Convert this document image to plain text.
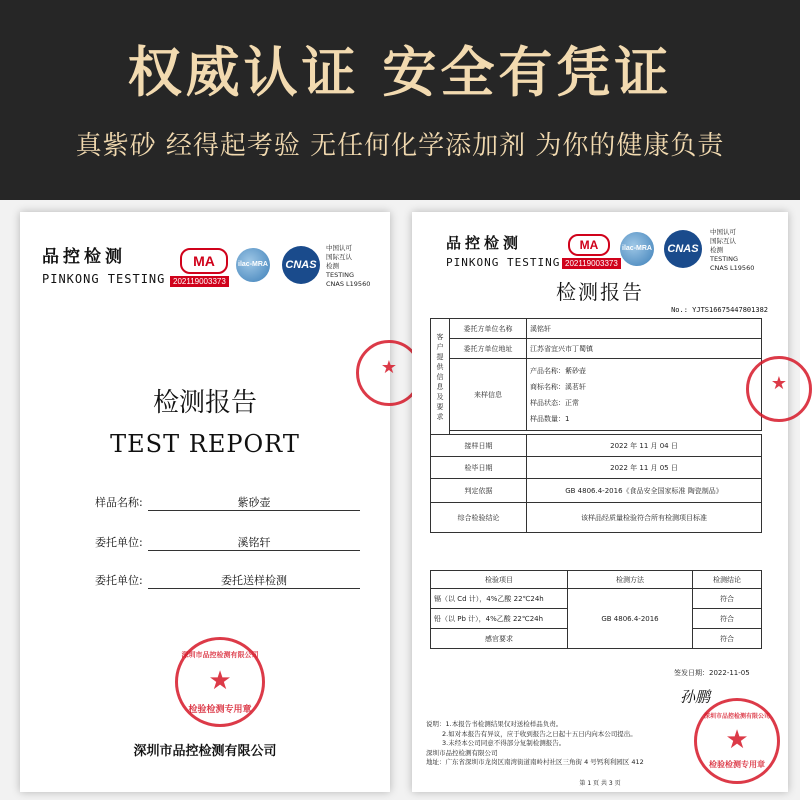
权威认证 安全有凭证
真紫砂 经得起考验 无任何化学添加剂 为你的健康负责
品控检测
PINKONG TESTING
MA
202119003373
ilac-MRA	CNAS
中国认可
国际互认
检测
TESTING
CNAS L19560
检测报告
TEST REPORT
样品名称:	紫砂壶
委托单位:	溪铭轩
委托单位:	委托送样检测
深圳市品控检测有限公司
★
检验检测专用章
深圳市品控检测有限公司
★
品控检测
PINKONG TESTING
MA
202119003373
ilac-MRA	CNAS
中国认可
国际互认
检测
TESTING
CNAS L19560
检测报告
No.: YJTS16675447801382
客户提供信息及要求	委托方单位名称	溪铭轩
	委托方单位地址	江苏省宜兴市丁蜀镇
	来样信息	产品名称：紫砂壶
商标名称：溪茗轩
样品状态：正常
样品数量：1

接样日期		2022 年 11 月 04 日
检毕日期		2022 年 11 月 05 日
判定依据		GB 4806.4-2016《食品安全国家标准 陶瓷制品》
综合检验结论		该样品经质量检验符合所有检测项目标准
检验项目	检测方法	检测结论
镉（以 Cd 计），4%乙酸 22℃24h	GB 4806.4-2016	符合
铅（以 Pb 计），4%乙酸 22℃24h		符合
感官要求		符合
签发日期：2022-11-05
孙鹏
说明：1.本报告书检测结果仅对送检样品负责。
2.如对本报告有异议，应于收到报告之日起十五日内向本公司提出。
3.未经本公司同意不得部分复制检测报告。
深圳市品控检测有限公司
地址：广东省深圳市龙岗区南湾街道南岭村社区三角街 4 号钙利利园区 412
第 1 页 共 3 页
深圳市品控检测有限公司
★
检验检测专用章
★
